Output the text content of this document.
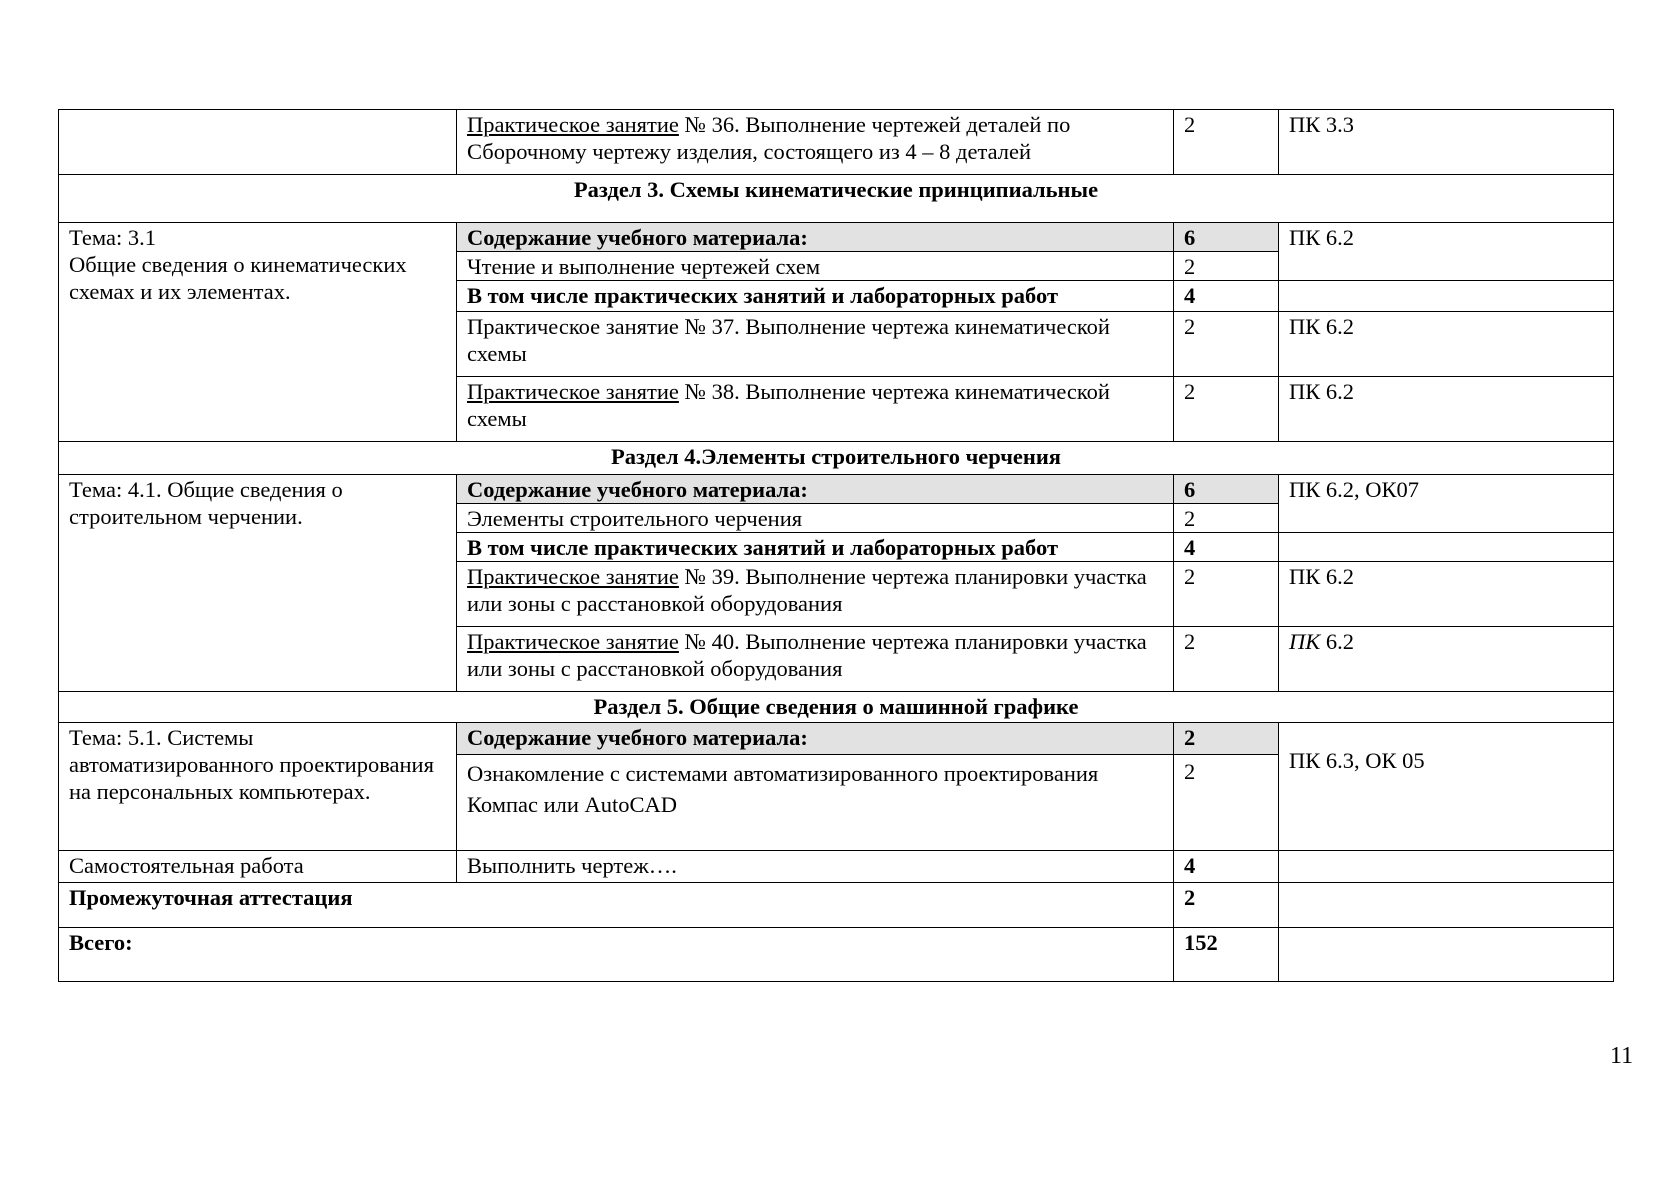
	Практическое занятие № 36. Выполнение чертежей деталей по Сборочному чертежу изделия, состоящего из 4 – 8 деталей	2	ПК 3.3
Раздел 3. Схемы кинематические принципиальные			

Тема: 3.1
Общие сведения о кинематических схемах и их элементах.	Содержание учебного материала:	6	ПК 6.2
	Чтение и выполнение чертежей схем	2	
	В том числе практических занятий и лабораторных работ	4	
	Практическое занятие № 37. Выполнение чертежа кинематической схемы	2	ПК 6.2
	Практическое занятие № 38. Выполнение чертежа кинематической схемы	2	ПК 6.2
Раздел 4.Элементы строительного черчения			
Тема: 4.1. Общие сведения о строительном черчении.	Содержание учебного материала:	6	ПК 6.2, ОК07
	Элементы строительного черчения	2	
	В том числе практических занятий и лабораторных работ	4	
	Практическое занятие № 39. Выполнение чертежа планировки участка или зоны с расстановкой оборудования	2	ПК 6.2
	Практическое занятие № 40. Выполнение чертежа планировки участка или зоны с расстановкой оборудования	2	ПК 6.2
Раздел 5. Общие сведения о машинной графике			
Тема: 5.1. Системы автоматизированного проектирования на персональных компьютерах.	Содержание учебного материала:	2	ПК 6.3, ОК 05
	Ознакомление с системами автоматизированного проектирования Компас или AutoCAD	2	
Самостоятельная работа	Выполнить чертеж….	4	
Промежуточная аттестация		2	
Всего:		152	
11
